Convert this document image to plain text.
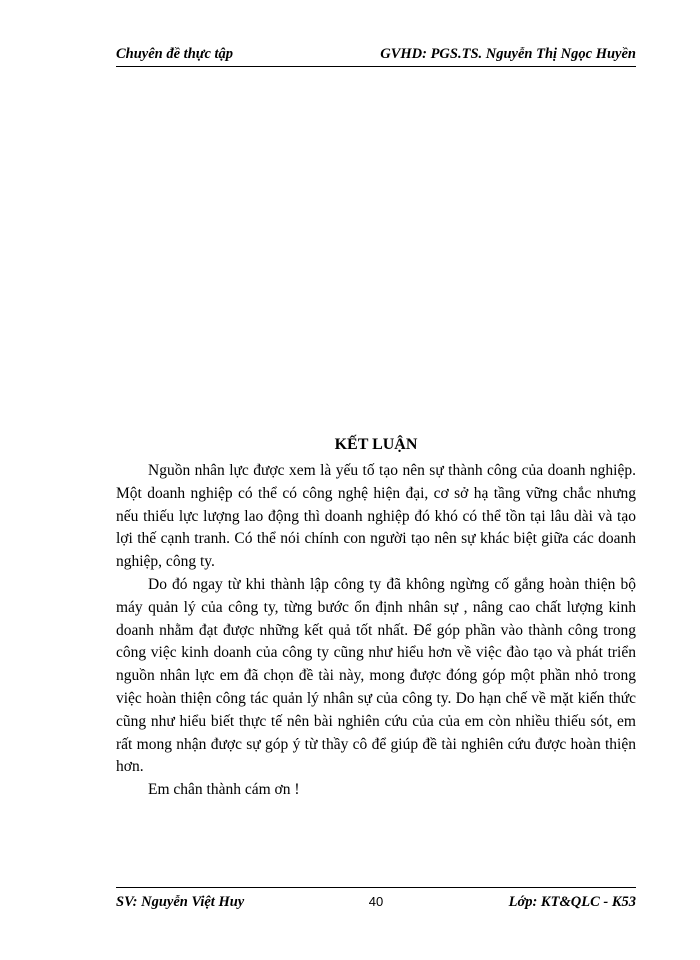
Chuyên đề thực tập	GVHD: PGS.TS. Nguyễn Thị Ngọc Huyền
KẾT LUẬN

Nguồn nhân lực được xem là yếu tố tạo nên sự thành công của doanh nghiệp. Một doanh nghiệp có thể có công nghệ hiện đại, cơ sở hạ tầng vững chắc nhưng nếu thiếu lực lượng lao động thì doanh nghiệp đó khó có thể tồn tại lâu dài và tạo lợi thế cạnh tranh. Có thể nói chính con người tạo nên sự khác biệt giữa các doanh nghiệp, công ty.

Do đó ngay từ khi thành lập công ty đã không ngừng cố gắng hoàn thiện bộ máy quản lý của công ty, từng bước ổn định nhân sự , nâng cao chất lượng kinh doanh nhằm đạt được những kết quả tốt nhất. Để góp phần vào thành công trong công việc kinh doanh của công ty cũng như hiểu hơn về việc đào tạo và phát triển nguồn nhân lực em đã chọn đề tài này, mong được đóng góp một phần nhỏ trong việc hoàn thiện công tác quản lý nhân sự của công ty. Do hạn chế về mặt kiến thức cũng như hiểu biết thực tế nên bài nghiên cứu của của em còn nhiều thiếu sót, em rất mong nhận được sự góp ý từ thầy cô để giúp đề tài nghiên cứu được hoàn thiện hơn.

Em chân thành cám ơn !

SV: Nguyễn Việt Huy	40	Lớp: KT&QLC - K53
